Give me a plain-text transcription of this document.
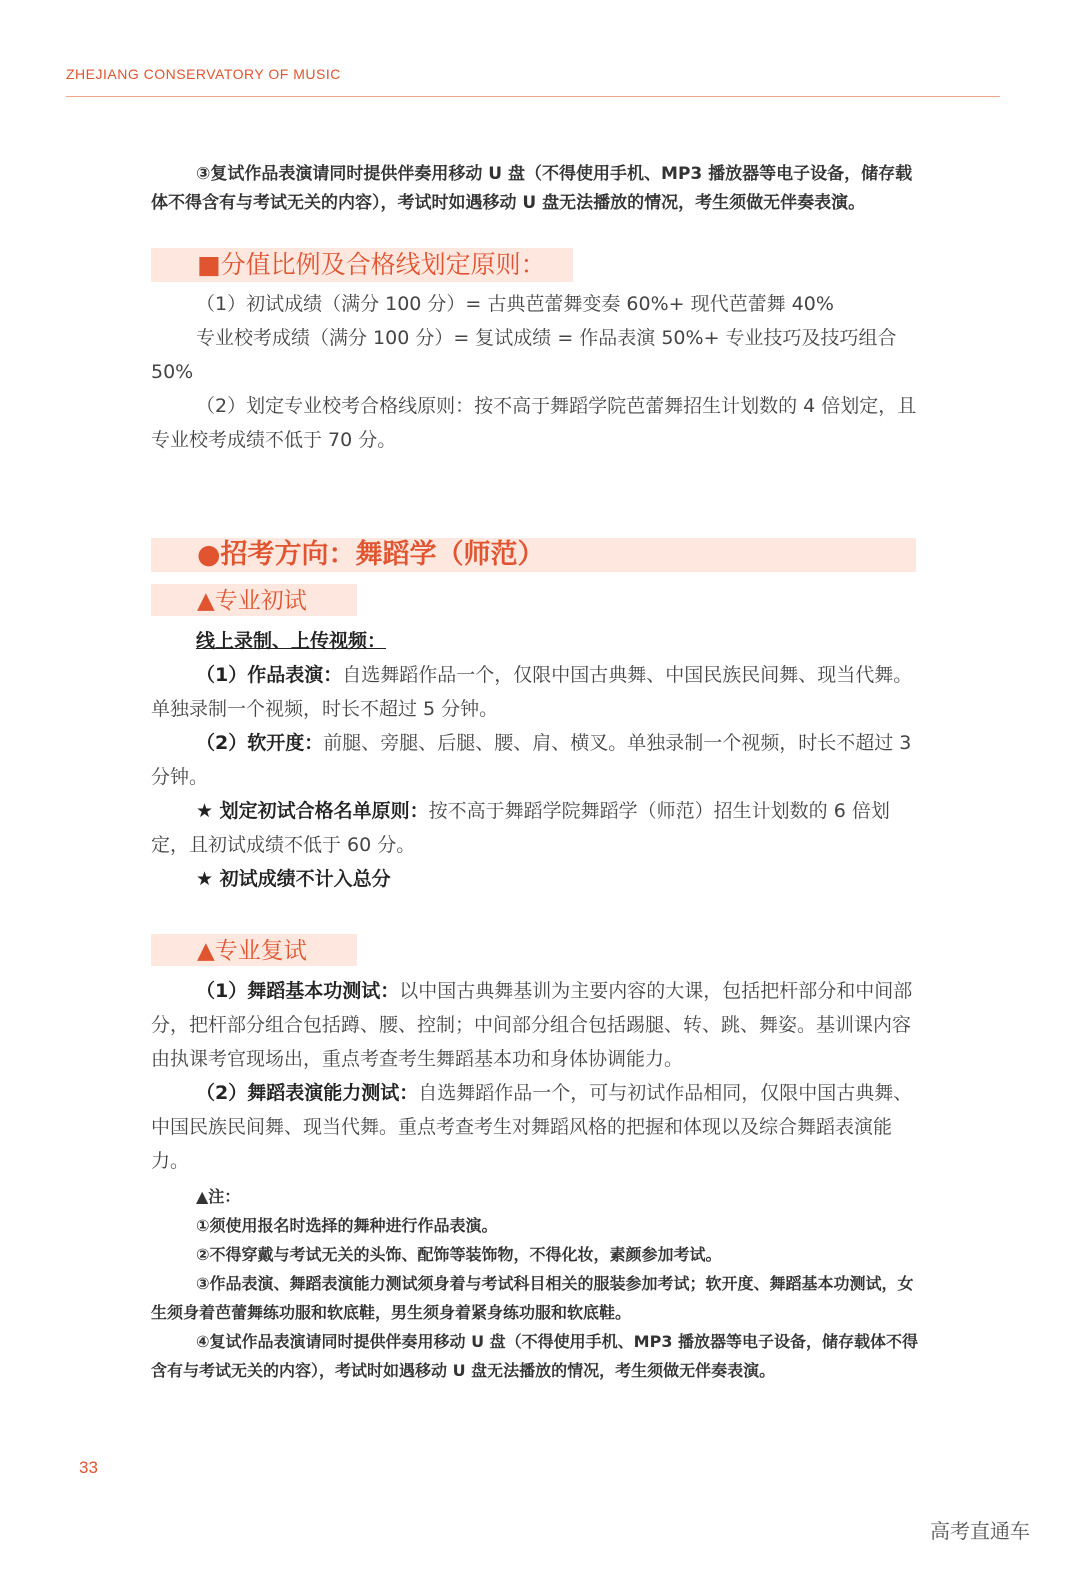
ZHEJIANG CONSERVATORY OF MUSIC

③复试作品表演请同时提供伴奏用移动 U 盘（不得使用手机、MP3 播放器等电子设备，储存载体不得含有与考试无关的内容），考试时如遇移动 U 盘无法播放的情况，考生须做无伴奏表演。

■分值比例及合格线划定原则：

（1）初试成绩（满分 100 分）= 古典芭蕾舞变奏 60%+ 现代芭蕾舞 40%

专业校考成绩（满分 100 分）= 复试成绩 = 作品表演 50%+ 专业技巧及技巧组合 50%

（2）划定专业校考合格线原则：按不高于舞蹈学院芭蕾舞招生计划数的 4 倍划定，且专业校考成绩不低于 70 分。

●招考方向：舞蹈学（师范）
▲专业初试

线上录制、上传视频：

（1）作品表演：自选舞蹈作品一个，仅限中国古典舞、中国民族民间舞、现当代舞。单独录制一个视频，时长不超过 5 分钟。

（2）软开度：前腿、旁腿、后腿、腰、肩、横叉。单独录制一个视频，时长不超过 3 分钟。

★ 划定初试合格名单原则：按不高于舞蹈学院舞蹈学（师范）招生计划数的 6 倍划定，且初试成绩不低于 60 分。

★ 初试成绩不计入总分

▲专业复试

（1）舞蹈基本功测试：以中国古典舞基训为主要内容的大课，包括把杆部分和中间部分，把杆部分组合包括蹲、腰、控制；中间部分组合包括踢腿、转、跳、舞姿。基训课内容由执课考官现场出，重点考查考生舞蹈基本功和身体协调能力。

（2）舞蹈表演能力测试：自选舞蹈作品一个，可与初试作品相同，仅限中国古典舞、中国民族民间舞、现当代舞。重点考查考生对舞蹈风格的把握和体现以及综合舞蹈表演能力。

▲注：

①须使用报名时选择的舞种进行作品表演。

②不得穿戴与考试无关的头饰、配饰等装饰物，不得化妆，素颜参加考试。

③作品表演、舞蹈表演能力测试须身着与考试科目相关的服装参加考试；软开度、舞蹈基本功测试，女生须身着芭蕾舞练功服和软底鞋，男生须身着紧身练功服和软底鞋。

④复试作品表演请同时提供伴奏用移动 U 盘（不得使用手机、MP3 播放器等电子设备，储存载体不得含有与考试无关的内容），考试时如遇移动 U 盘无法播放的情况，考生须做无伴奏表演。

33
高考直通车
